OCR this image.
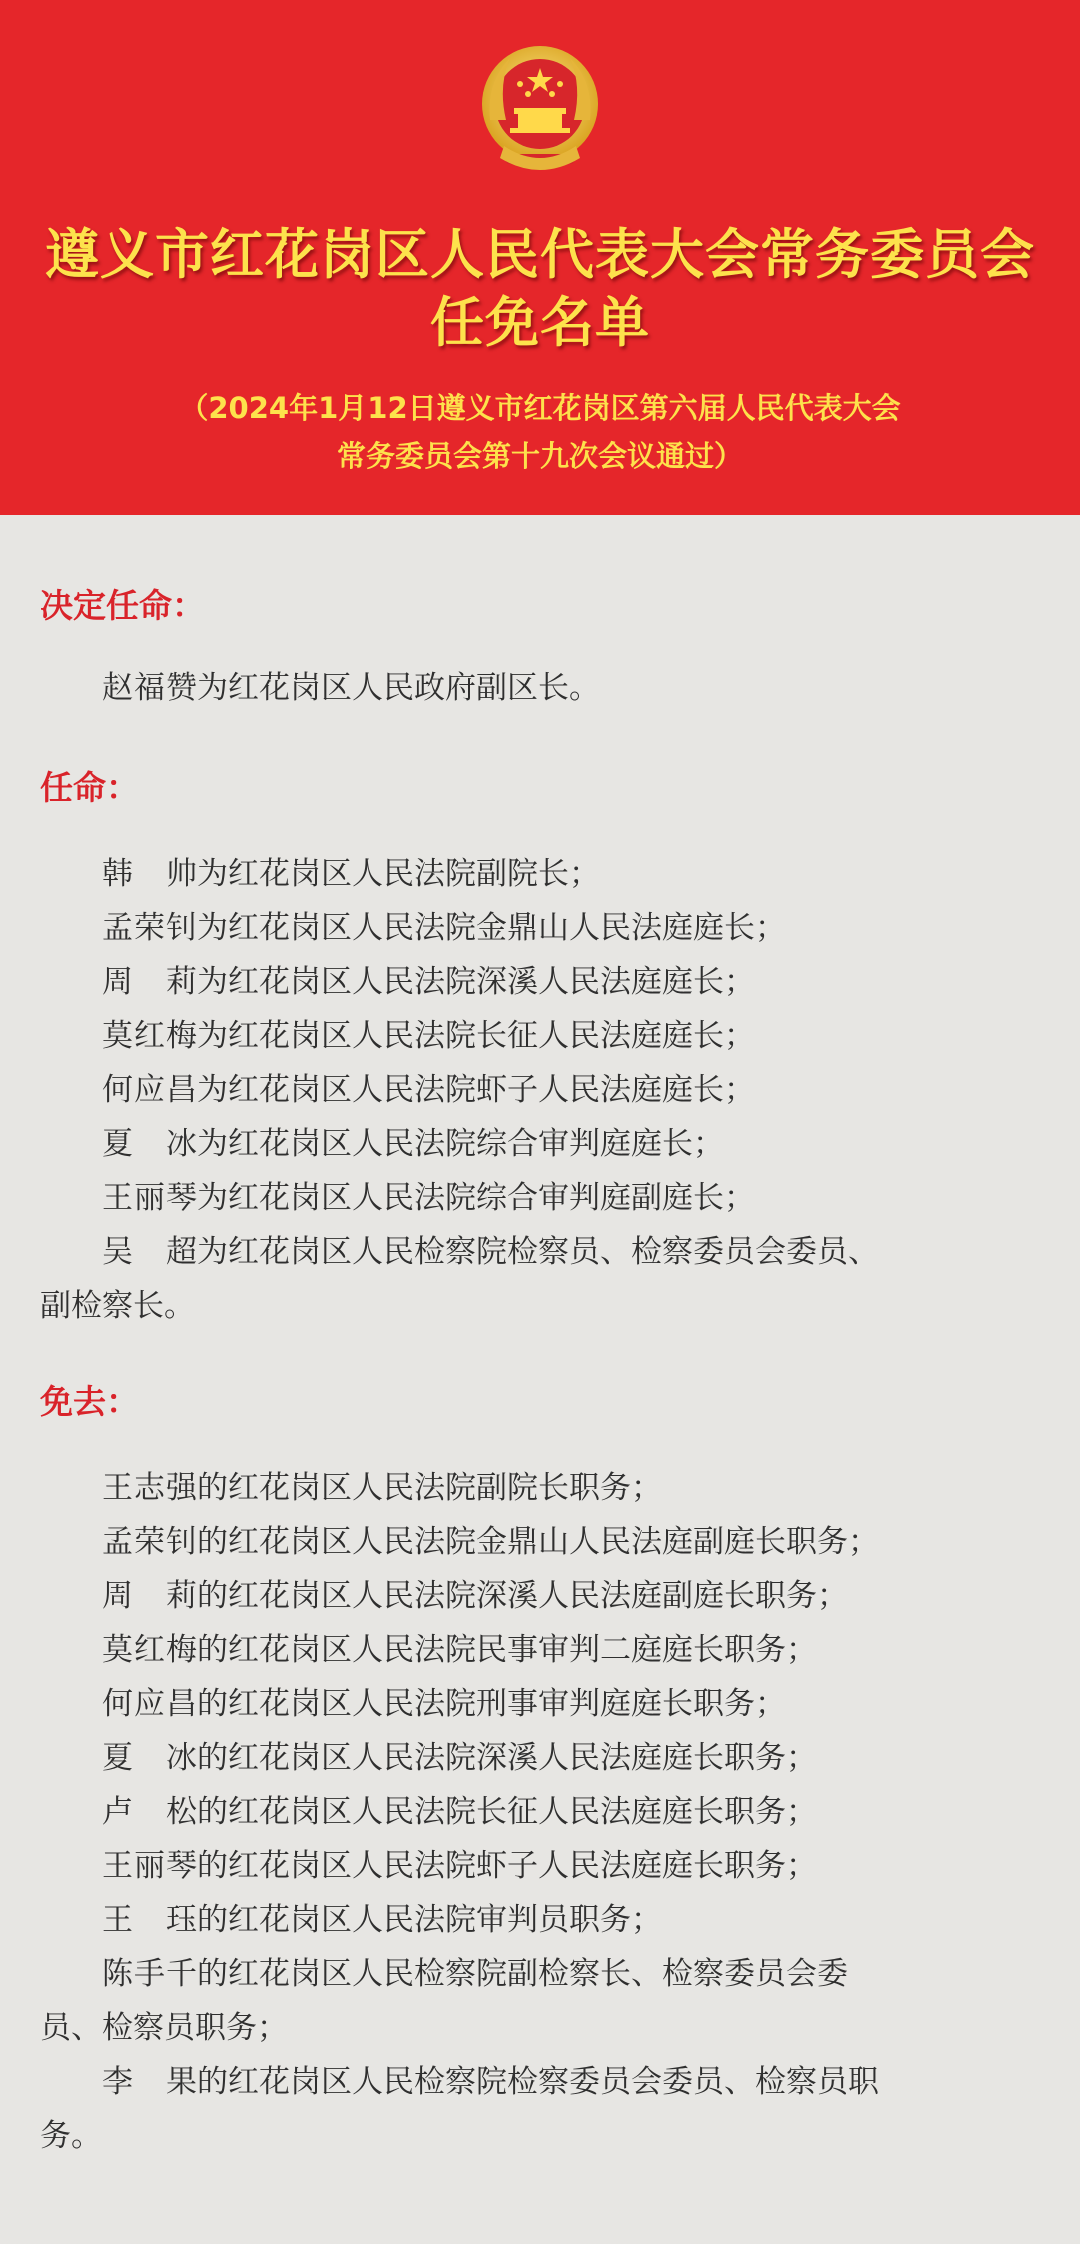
遵义市红花岗区人民代表大会常务委员会
任免名单
（2024年1月12日遵义市红花岗区第六届人民代表大会
常务委员会第十九次会议通过）
决定任命：
赵福赞为红花岗区人民政府副区长。
任命：
韩帅为红花岗区人民法院副院长；
孟荣钊为红花岗区人民法院金鼎山人民法庭庭长；
周莉为红花岗区人民法院深溪人民法庭庭长；
莫红梅为红花岗区人民法院长征人民法庭庭长；
何应昌为红花岗区人民法院虾子人民法庭庭长；
夏冰为红花岗区人民法院综合审判庭庭长；
王丽琴为红花岗区人民法院综合审判庭副庭长；
吴超为红花岗区人民检察院检察员、检察委员会委员、
副检察长。
免去：
王志强的红花岗区人民法院副院长职务；
孟荣钊的红花岗区人民法院金鼎山人民法庭副庭长职务；
周莉的红花岗区人民法院深溪人民法庭副庭长职务；
莫红梅的红花岗区人民法院民事审判二庭庭长职务；
何应昌的红花岗区人民法院刑事审判庭庭长职务；
夏冰的红花岗区人民法院深溪人民法庭庭长职务；
卢松的红花岗区人民法院长征人民法庭庭长职务；
王丽琴的红花岗区人民法院虾子人民法庭庭长职务；
王珏的红花岗区人民法院审判员职务；
陈手千的红花岗区人民检察院副检察长、检察委员会委
员、检察员职务；
李果的红花岗区人民检察院检察委员会委员、检察员职
务。
